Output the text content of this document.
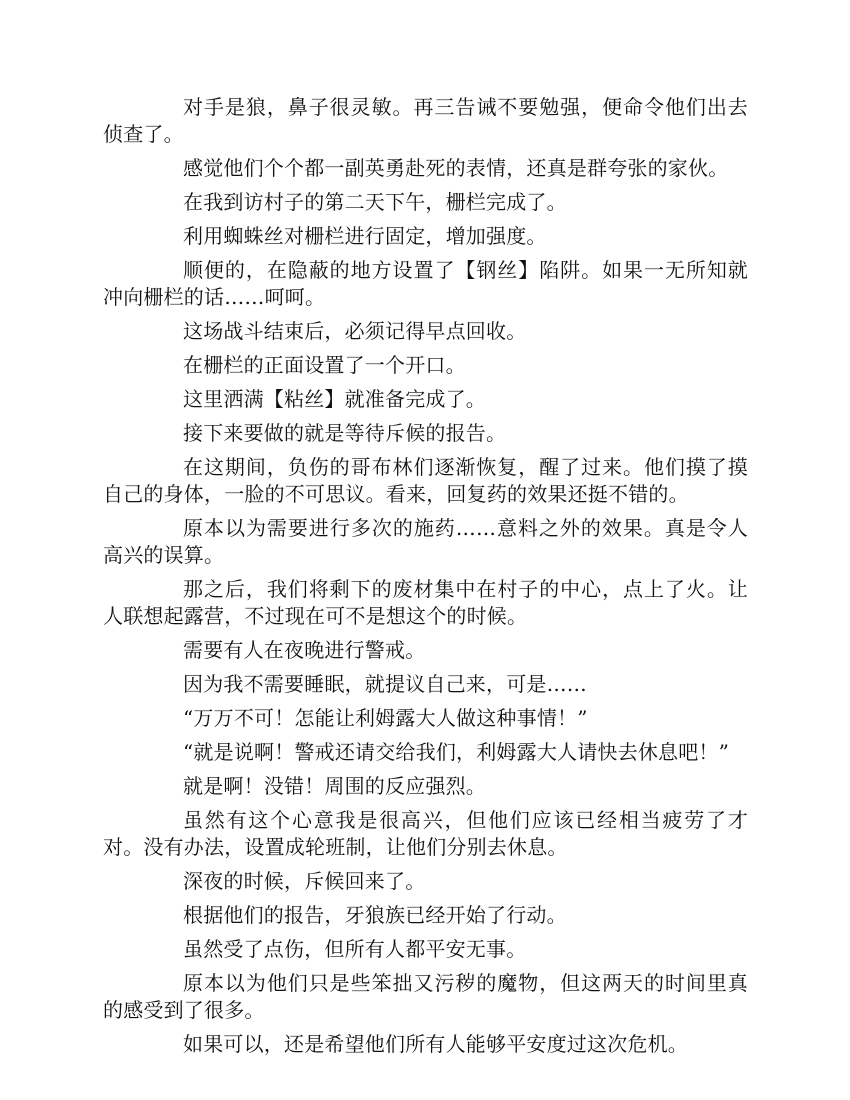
对手是狼，鼻子很灵敏。再三告诫不要勉强，便命令他们出去侦查了。

感觉他们个个都一副英勇赴死的表情，还真是群夸张的家伙。

在我到访村子的第二天下午，栅栏完成了。

利用蜘蛛丝对栅栏进行固定，增加强度。

顺便的，在隐蔽的地方设置了【钢丝】陷阱。如果一无所知就冲向栅栏的话……呵呵。

这场战斗结束后，必须记得早点回收。

在栅栏的正面设置了一个开口。

这里洒满【粘丝】就准备完成了。

接下来要做的就是等待斥候的报告。

在这期间，负伤的哥布林们逐渐恢复，醒了过来。他们摸了摸自己的身体，一脸的不可思议。看来，回复药的效果还挺不错的。

原本以为需要进行多次的施药……意料之外的效果。真是令人高兴的误算。

那之后，我们将剩下的废材集中在村子的中心，点上了火。让人联想起露营，不过现在可不是想这个的时候。

需要有人在夜晚进行警戒。

因为我不需要睡眠，就提议自己来，可是……

“万万不可！怎能让利姆露大人做这种事情！”

“就是说啊！警戒还请交给我们，利姆露大人请快去休息吧！”

就是啊！没错！周围的反应强烈。

虽然有这个心意我是很高兴，但他们应该已经相当疲劳了才对。没有办法，设置成轮班制，让他们分别去休息。

深夜的时候，斥候回来了。

根据他们的报告，牙狼族已经开始了行动。

虽然受了点伤，但所有人都平安无事。

原本以为他们只是些笨拙又污秽的魔物，但这两天的时间里真的感受到了很多。

如果可以，还是希望他们所有人能够平安度过这次危机。
